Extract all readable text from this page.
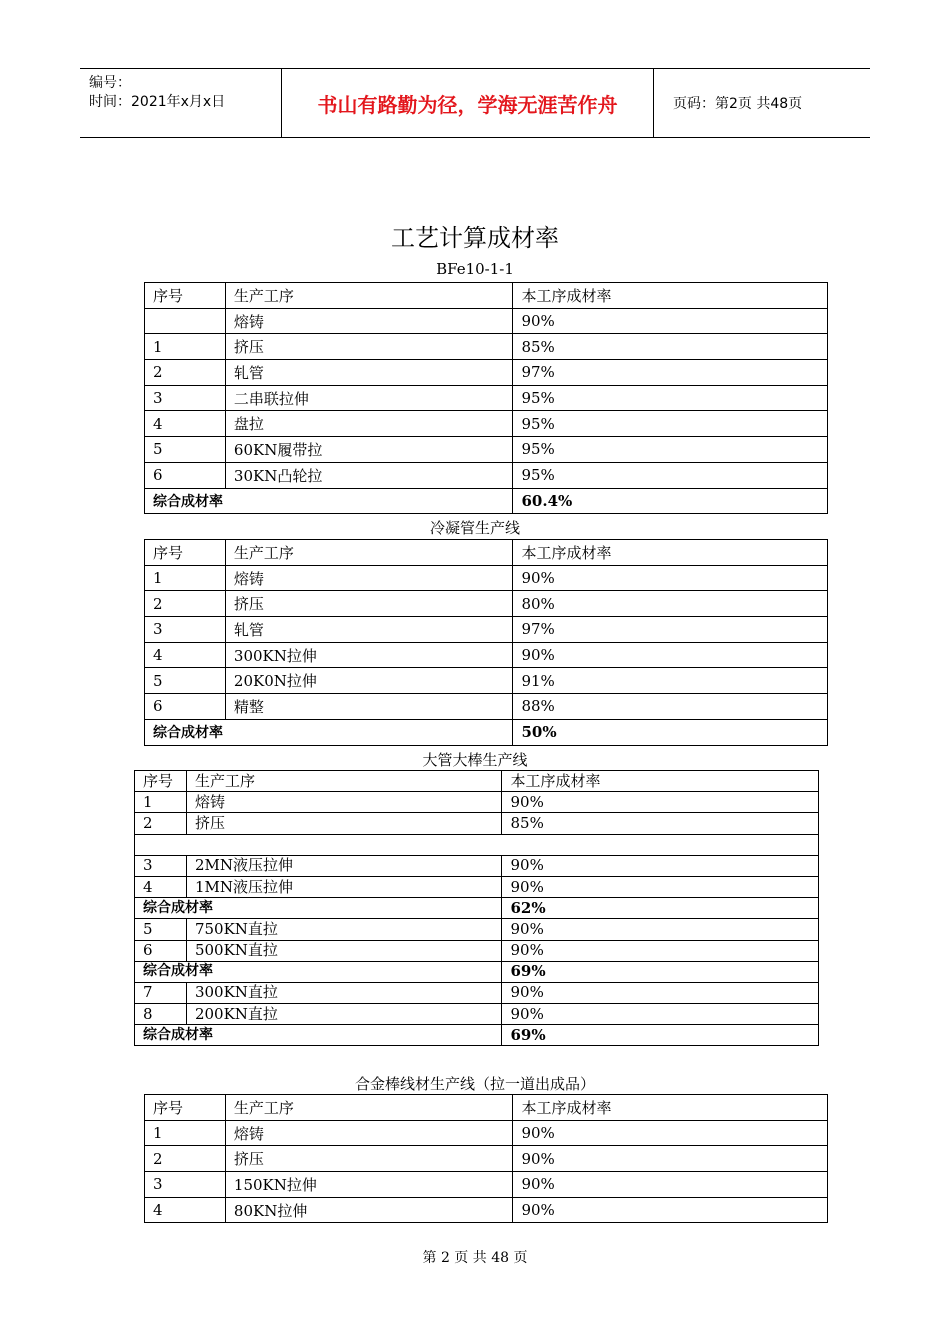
编号：
时间：2021年x月x日	书山有路勤为径，学海无涯苦作舟	页码：第2页 共48页
工艺计算成材率
BFe10-1-1
序号	生产工序	本工序成材率
	熔铸	90%
1	挤压	85%
2	轧管	97%
3	二串联拉伸	95%
4	盘拉	95%
5	60KN履带拉	95%
6	30KN凸轮拉	95%
综合成材率		60.4%
冷凝管生产线
序号	生产工序	本工序成材率
1	熔铸	90%
2	挤压	80%
3	轧管	97%
4	300KN拉伸	90%
5	20K0N拉伸	91%
6	精整	88%
综合成材率		50%
大管大棒生产线
序号	生产工序	本工序成材率
1	熔铸	90%
2	挤压	85%

3	2MN液压拉伸	90%
4	1MN液压拉伸	90%
综合成材率		62%
5	750KN直拉	90%
6	500KN直拉	90%
综合成材率		69%
7	300KN直拉	90%
8	200KN直拉	90%
综合成材率		69%
合金棒线材生产线（拉一道出成品）
序号	生产工序	本工序成材率
1	熔铸	90%
2	挤压	90%
3	150KN拉伸	90%
4	80KN拉伸	90%
第 2 页 共 48 页
